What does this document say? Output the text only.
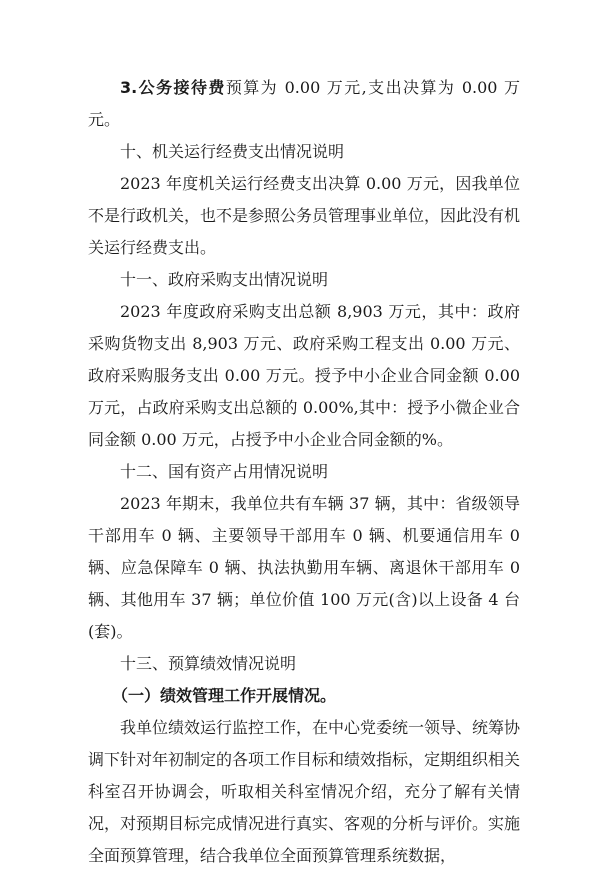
3.公务接待费预算为 0.00 万元,支出决算为 0.00 万元。

十、机关运行经费支出情况说明

2023 年度机关运行经费支出决算 0.00 万元，因我单位不是行政机关，也不是参照公务员管理事业单位，因此没有机关运行经费支出。

十一、政府采购支出情况说明

2023 年度政府采购支出总额 8,903 万元，其中：政府采购货物支出 8,903 万元、政府采购工程支出 0.00 万元、政府采购服务支出 0.00 万元。授予中小企业合同金额 0.00 万元，占政府采购支出总额的 0.00%,其中：授予小微企业合同金额 0.00 万元，占授予中小企业合同金额的%。

十二、国有资产占用情况说明

2023 年期末，我单位共有车辆 37 辆，其中：省级领导干部用车 0 辆、主要领导干部用车 0 辆、机要通信用车 0 辆、应急保障车 0 辆、执法执勤用车辆、离退休干部用车 0 辆、其他用车 37 辆；单位价值 100 万元(含)以上设备 4 台(套)。

十三、预算绩效情况说明

（一）绩效管理工作开展情况。

我单位绩效运行监控工作，在中心党委统一领导、统筹协调下针对年初制定的各项工作目标和绩效指标，定期组织相关科室召开协调会，听取相关科室情况介绍，充分了解有关情况，对预期目标完成情况进行真实、客观的分析与评价。实施全面预算管理，结合我单位全面预算管理系统数据，
